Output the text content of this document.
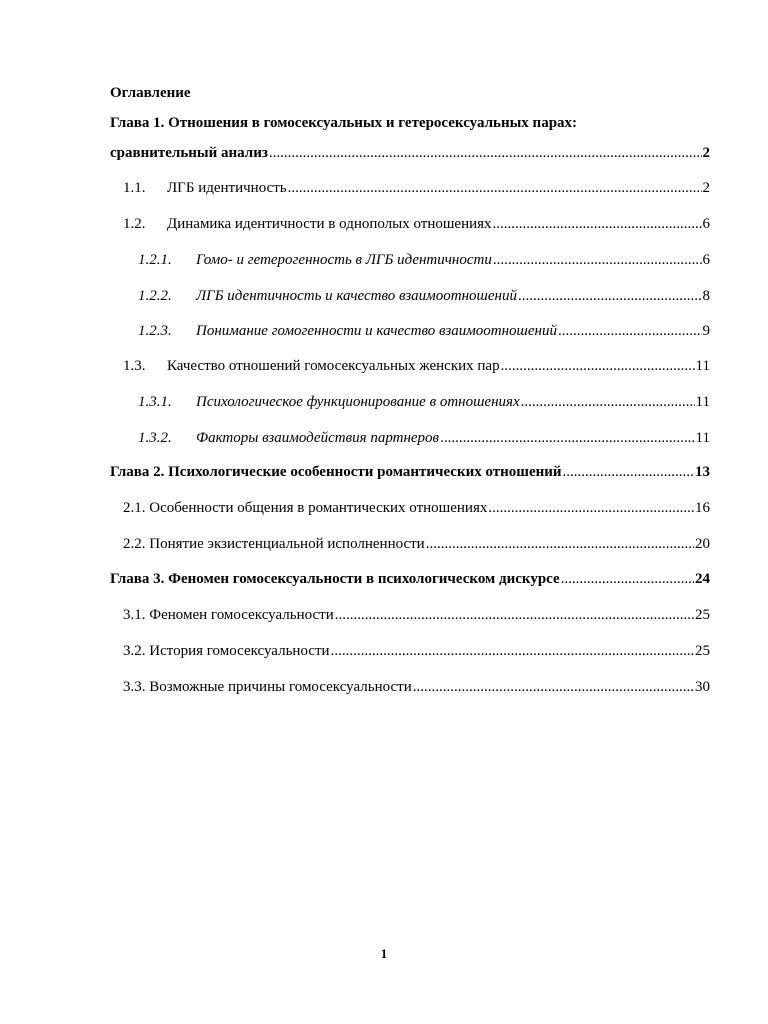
Оглавление
Глава 1. Отношения в гомосексуальных и гетеросексуальных парах:
сравнительный анализ .....	2
1.1.	ЛГБ идентичность .....	2
1.2.	Динамика идентичности в однополых отношениях .....	6
1.2.1.	Гомо- и гетерогенность в ЛГБ идентичности .....	6
1.2.2.	ЛГБ идентичность и качество взаимоотношений .....	8
1.2.3.	Понимание гомогенности и качество взаимоотношений .....	9
1.3.	Качество отношений гомосексуальных женских пар .....	11
1.3.1.	Психологическое функционирование в отношениях .....	11
1.3.2.	Факторы взаимодействия партнеров .....	11
Глава 2. Психологические особенности романтических отношений .....	13
2.1. Особенности общения в романтических отношениях .....	16
2.2. Понятие экзистенциальной исполненности .....	20
Глава 3. Феномен гомосексуальности в психологическом дискурсе .....	24
3.1. Феномен гомосексуальности .....	25
3.2. История гомосексуальности .....	25
3.3. Возможные причины гомосексуальности .....	30
1
